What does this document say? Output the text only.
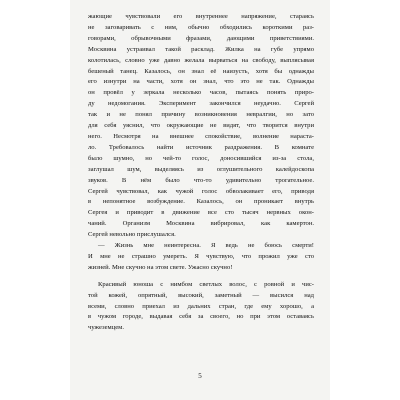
жающие чувствовали его внутреннее напряжение, стараясь
не заговаривать с ним, обычно обходились короткими раз-
говорами, обрывочными фразами, дающими приветствиями.
Москвина устраивал такой расклад. Жилка на губе упрямо
колотилась, словно уже давно желала вырваться на свободу, выплясывая
бешеный танец. Казалось, он знал её наизусть, хотя бы однажды
его изнутри на части, хотя он знал, что это не так. Однажды
он провёл у зеркала несколько часов, пытаясь понять приро-
ду недомогания. Эксперимент закончился неудачно. Сергей
так и не понял причину возникновения невралгии, но зато
для себя уяснил, что окружающие не видят, что творится внутри
него. Несмотря на внешнее спокойствие, волнение нараста-
ло. Требовалось найти источник раздражения. В комнате
было шумно, но чей-то голос, доносившийся из-за стола,
заглушал шум, выделяясь из оглушительного калейдоскопа
звуков. В нём было что-то удивительно трогательное.
Сергей чувствовал, как чужой голос обволакивает его, приводя
в непонятное возбуждение. Казалось, он проникает внутрь
Сергея и приводит в движение все сто тысяч нервных окон-
чаний. Организм Москвина вибрировал, как камертон.
Сергей невольно прислушался.
— Жизнь мне неинтересна. Я ведь не боюсь смерти!
И мне не страшно умереть. Я чувствую, что прожил уже сто
жизней. Мне скучно на этом свете. Ужасно скучно!
Красивый юноша с нимбом светлых волос, с ровной и чис-
той кожей, опрятный, высокий, заметный — высился над
всеми, словно приехал из дальних стран, где ему хорошо, а
в чужом городе, выдавая себя за своего, но при этом оставаясь
чужеземцем.
5
